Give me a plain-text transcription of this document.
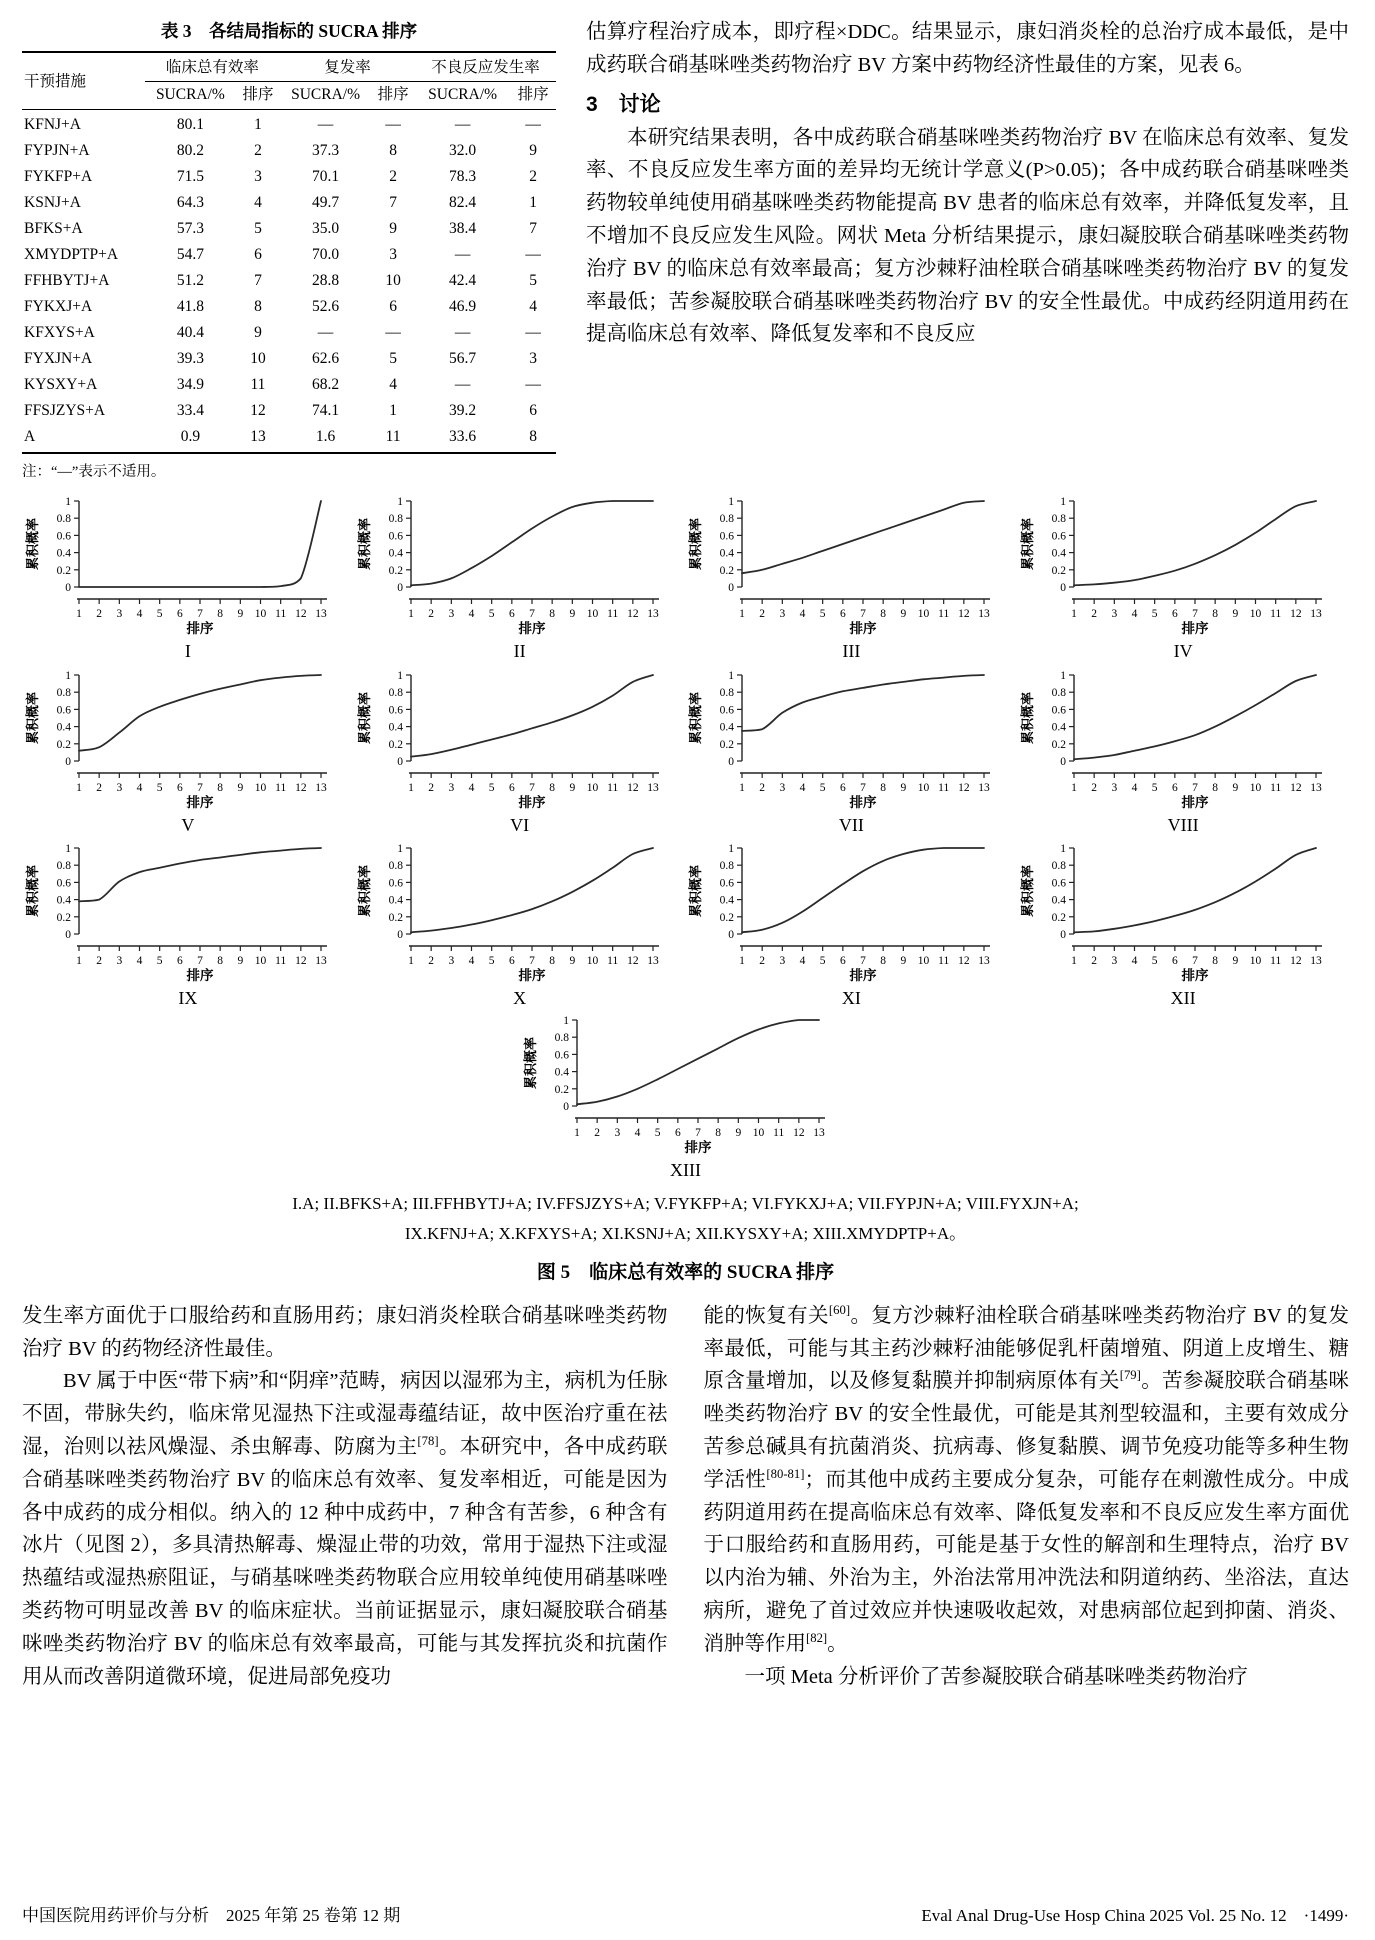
表 3　各结局指标的 SUCRA 排序
干预措施	临床总有效率		复发率		不良反应发生率	
	SUCRA/%	排序	SUCRA/%	排序	SUCRA/%	排序
KFNJ+A	80.1	1	—	—	—	—
FYPJN+A	80.2	2	37.3	8	32.0	9
FYKFP+A	71.5	3	70.1	2	78.3	2
KSNJ+A	64.3	4	49.7	7	82.4	1
BFKS+A	57.3	5	35.0	9	38.4	7
XMYDPTP+A	54.7	6	70.0	3	—	—
FFHBYTJ+A	51.2	7	28.8	10	42.4	5
FYKXJ+A	41.8	8	52.6	6	46.9	4
KFXYS+A	40.4	9	—	—	—	—
FYXJN+A	39.3	10	62.6	5	56.7	3
KYSXY+A	34.9	11	68.2	4	—	—
FFSJZYS+A	33.4	12	74.1	1	39.2	6
A	0.9	13	1.6	11	33.6	8
注：“—”表示不适用。

估算疗程治疗成本，即疗程×DDC。结果显示，康妇消炎栓的总治疗成本最低，是中成药联合硝基咪唑类药物治疗 BV 方案中药物经济性最佳的方案，见表 6。

3　讨论

本研究结果表明，各中成药联合硝基咪唑类药物治疗 BV 在临床总有效率、复发率、不良反应发生率方面的差异均无统计学意义(P>0.05)；各中成药联合硝基咪唑类药物较单纯使用硝基咪唑类药物能提高 BV 患者的临床总有效率，并降低复发率，且不增加不良反应发生风险。网状 Meta 分析结果提示，康妇凝胶联合硝基咪唑类药物治疗 BV 的临床总有效率最高；复方沙棘籽油栓联合硝基咪唑类药物治疗 BV 的复发率最低；苦参凝胶联合硝基咪唑类药物治疗 BV 的安全性最优。中成药经阴道用药在提高临床总有效率、降低复发率和不良反应

0
0.2
0.4
0.6
0.8
1
累积概率
1 2 3 4 5 6 7 8 9 10 11 12 13
排序
I
0
0.2
0.4
0.6
0.8
1
累积概率
1 2 3 4 5 6 7 8 9 10 11 12 13
排序
II
0
0.2
0.4
0.6
0.8
1
累积概率
1 2 3 4 5 6 7 8 9 10 11 12 13
排序
III
0
0.2
0.4
0.6
0.8
1
累积概率
1 2 3 4 5 6 7 8 9 10 11 12 13
排序
IV
0
0.2
0.4
0.6
0.8
1
累积概率
1 2 3 4 5 6 7 8 9 10 11 12 13
排序
V
0
0.2
0.4
0.6
0.8
1
累积概率
1 2 3 4 5 6 7 8 9 10 11 12 13
排序
VI
0
0.2
0.4
0.6
0.8
1
累积概率
1 2 3 4 5 6 7 8 9 10 11 12 13
排序
VII
0
0.2
0.4
0.6
0.8
1
累积概率
1 2 3 4 5 6 7 8 9 10 11 12 13
排序
VIII
0
0.2
0.4
0.6
0.8
1
累积概率
1 2 3 4 5 6 7 8 9 10 11 12 13
排序
IX
0
0.2
0.4
0.6
0.8
1
累积概率
1 2 3 4 5 6 7 8 9 10 11 12 13
排序
X
0
0.2
0.4
0.6
0.8
1
累积概率
1 2 3 4 5 6 7 8 9 10 11 12 13
排序
XI
0
0.2
0.4
0.6
0.8
1
累积概率
1 2 3 4 5 6 7 8 9 10 11 12 13
排序
XII
0
0.2
0.4
0.6
0.8
1
累积概率
1 2 3 4 5 6 7 8 9 10 11 12 13
排序
XIII
I.A; II.BFKS+A; III.FFHBYTJ+A; IV.FFSJZYS+A; V.FYKFP+A; VI.FYKXJ+A; VII.FYPJN+A; VIII.FYXJN+A;
IX.KFNJ+A; X.KFXYS+A; XI.KSNJ+A; XII.KYSXY+A; XIII.XMYDPTP+A。
图 5　临床总有效率的 SUCRA 排序

发生率方面优于口服给药和直肠用药；康妇消炎栓联合硝基咪唑类药物治疗 BV 的药物经济性最佳。

BV 属于中医“带下病”和“阴痒”范畴，病因以湿邪为主，病机为任脉不固，带脉失约，临床常见湿热下注或湿毒蕴结证，故中医治疗重在祛湿，治则以祛风燥湿、杀虫解毒、防腐为主[78]。本研究中，各中成药联合硝基咪唑类药物治疗 BV 的临床总有效率、复发率相近，可能是因为各中成药的成分相似。纳入的 12 种中成药中，7 种含有苦参，6 种含有冰片（见图 2），多具清热解毒、燥湿止带的功效，常用于湿热下注或湿热蕴结或湿热瘀阻证，与硝基咪唑类药物联合应用较单纯使用硝基咪唑类药物可明显改善 BV 的临床症状。当前证据显示，康妇凝胶联合硝基咪唑类药物治疗 BV 的临床总有效率最高，可能与其发挥抗炎和抗菌作用从而改善阴道微环境，促进局部免疫功

能的恢复有关[60]。复方沙棘籽油栓联合硝基咪唑类药物治疗 BV 的复发率最低，可能与其主药沙棘籽油能够促乳杆菌增殖、阴道上皮增生、糖原含量增加，以及修复黏膜并抑制病原体有关[79]。苦参凝胶联合硝基咪唑类药物治疗 BV 的安全性最优，可能是其剂型较温和，主要有效成分苦参总碱具有抗菌消炎、抗病毒、修复黏膜、调节免疫功能等多种生物学活性[80-81]；而其他中成药主要成分复杂，可能存在刺激性成分。中成药阴道用药在提高临床总有效率、降低复发率和不良反应发生率方面优于口服给药和直肠用药，可能是基于女性的解剖和生理特点，治疗 BV 以内治为辅、外治为主，外治法常用冲洗法和阴道纳药、坐浴法，直达病所，避免了首过效应并快速吸收起效，对患病部位起到抑菌、消炎、消肿等作用[82]。

一项 Meta 分析评价了苦参凝胶联合硝基咪唑类药物治疗

中国医院用药评价与分析　2025 年第 25 卷第 12 期	Eval Anal Drug-Use Hosp China 2025 Vol. 25 No. 12　·1499·
